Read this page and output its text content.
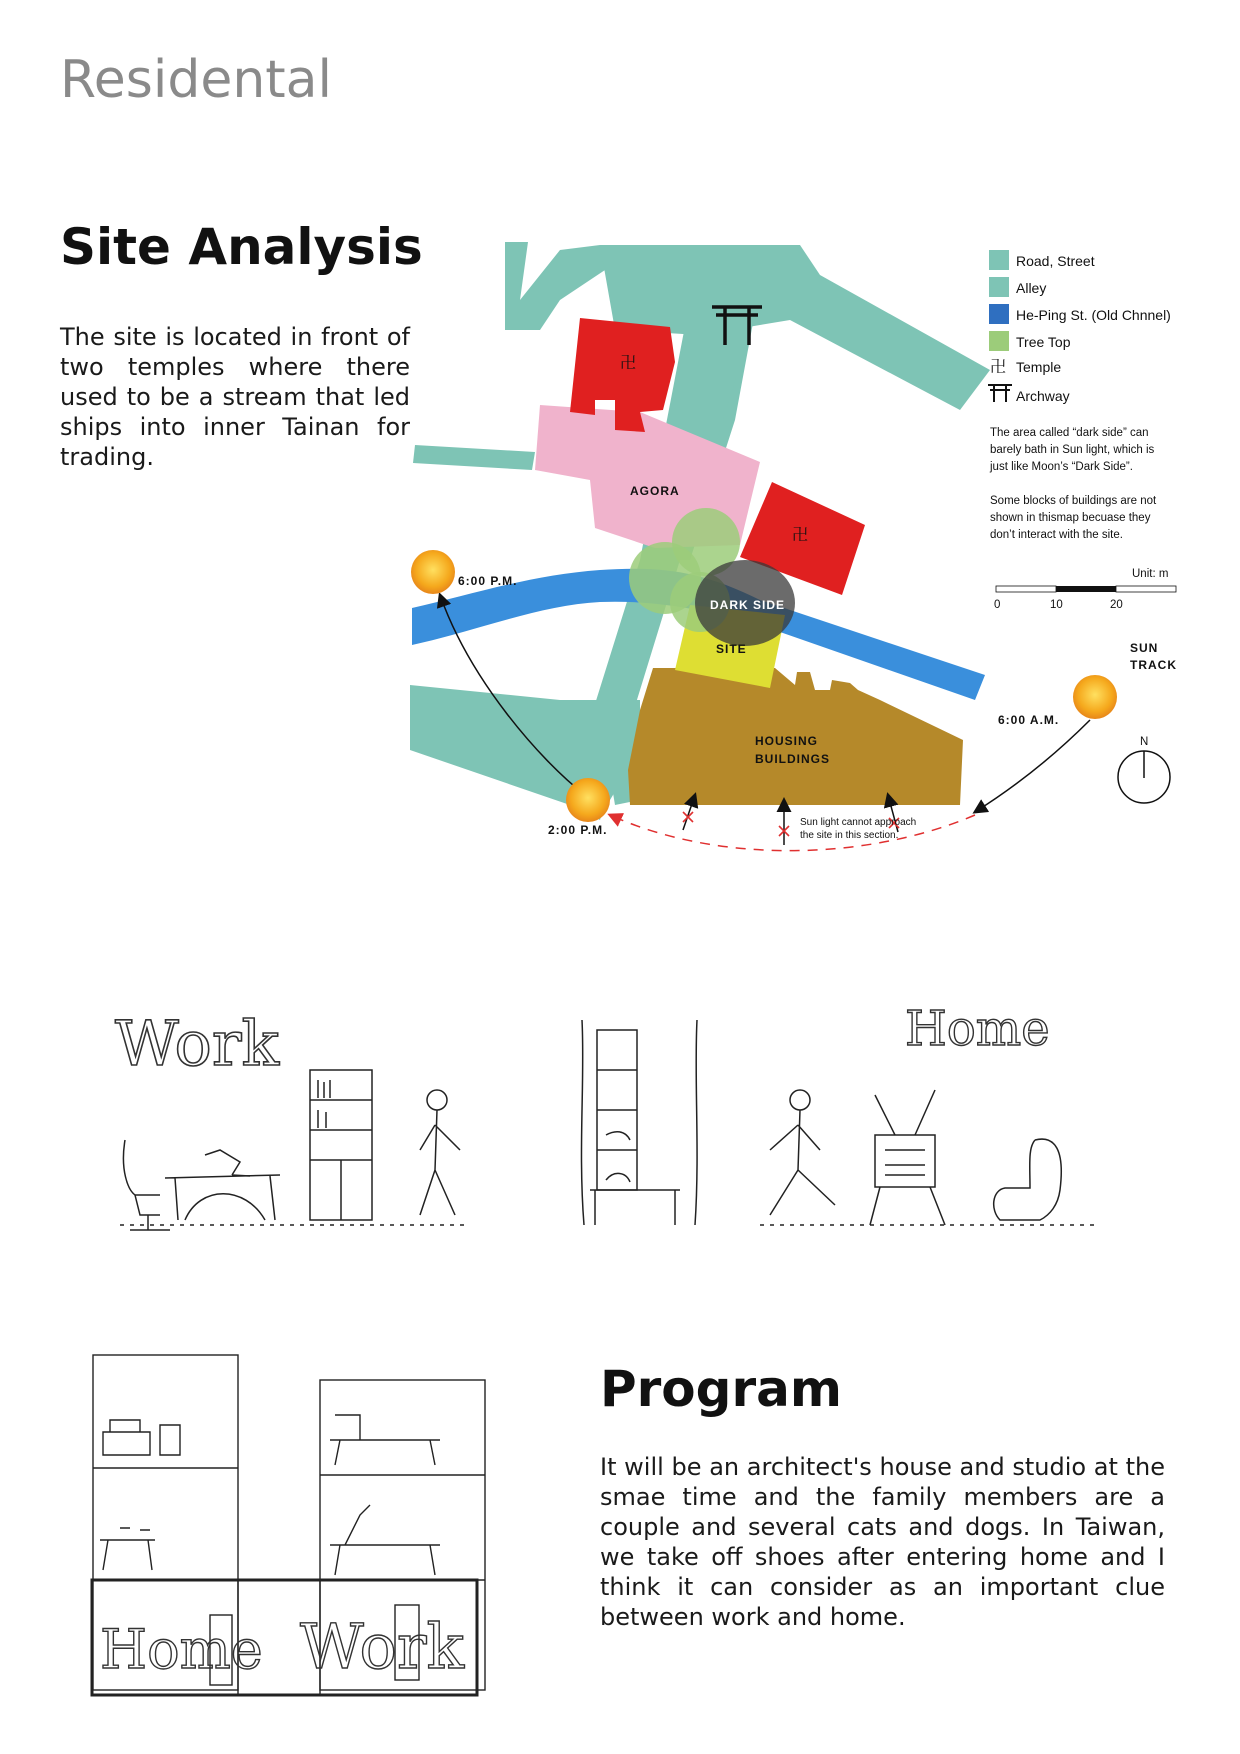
Residental
Site Analysis
The site is located in front of two temples where there used to be a stream that led ships into inner Tainan for trading.
卍
卍
AGORA
DARK SIDE
SITE
HOUSING
BUILDINGS
Sun light cannot approach
the site in this section.
6:00 P.M.
2:00 P.M.
6:00 A.M.
SUN
TRACK
Road, Street
Alley
He-Ping St. (Old Chnnel)
Tree Top
卍 Temple
Archway
The area called “dark side” can
barely bath in Sun light, which is
just like Moon’s “Dark Side”.
Some blocks of buildings are not
shown in thismap becuase they
don’t interact with the site.
Unit: m
0	10	20
N
Work	Home
Home Work
Program
It will be an architect's house and studio at the smae time and the family members are a couple and several cats and dogs. In Taiwan, we take off shoes after entering home and I think it can consider as an important clue between work and home.
